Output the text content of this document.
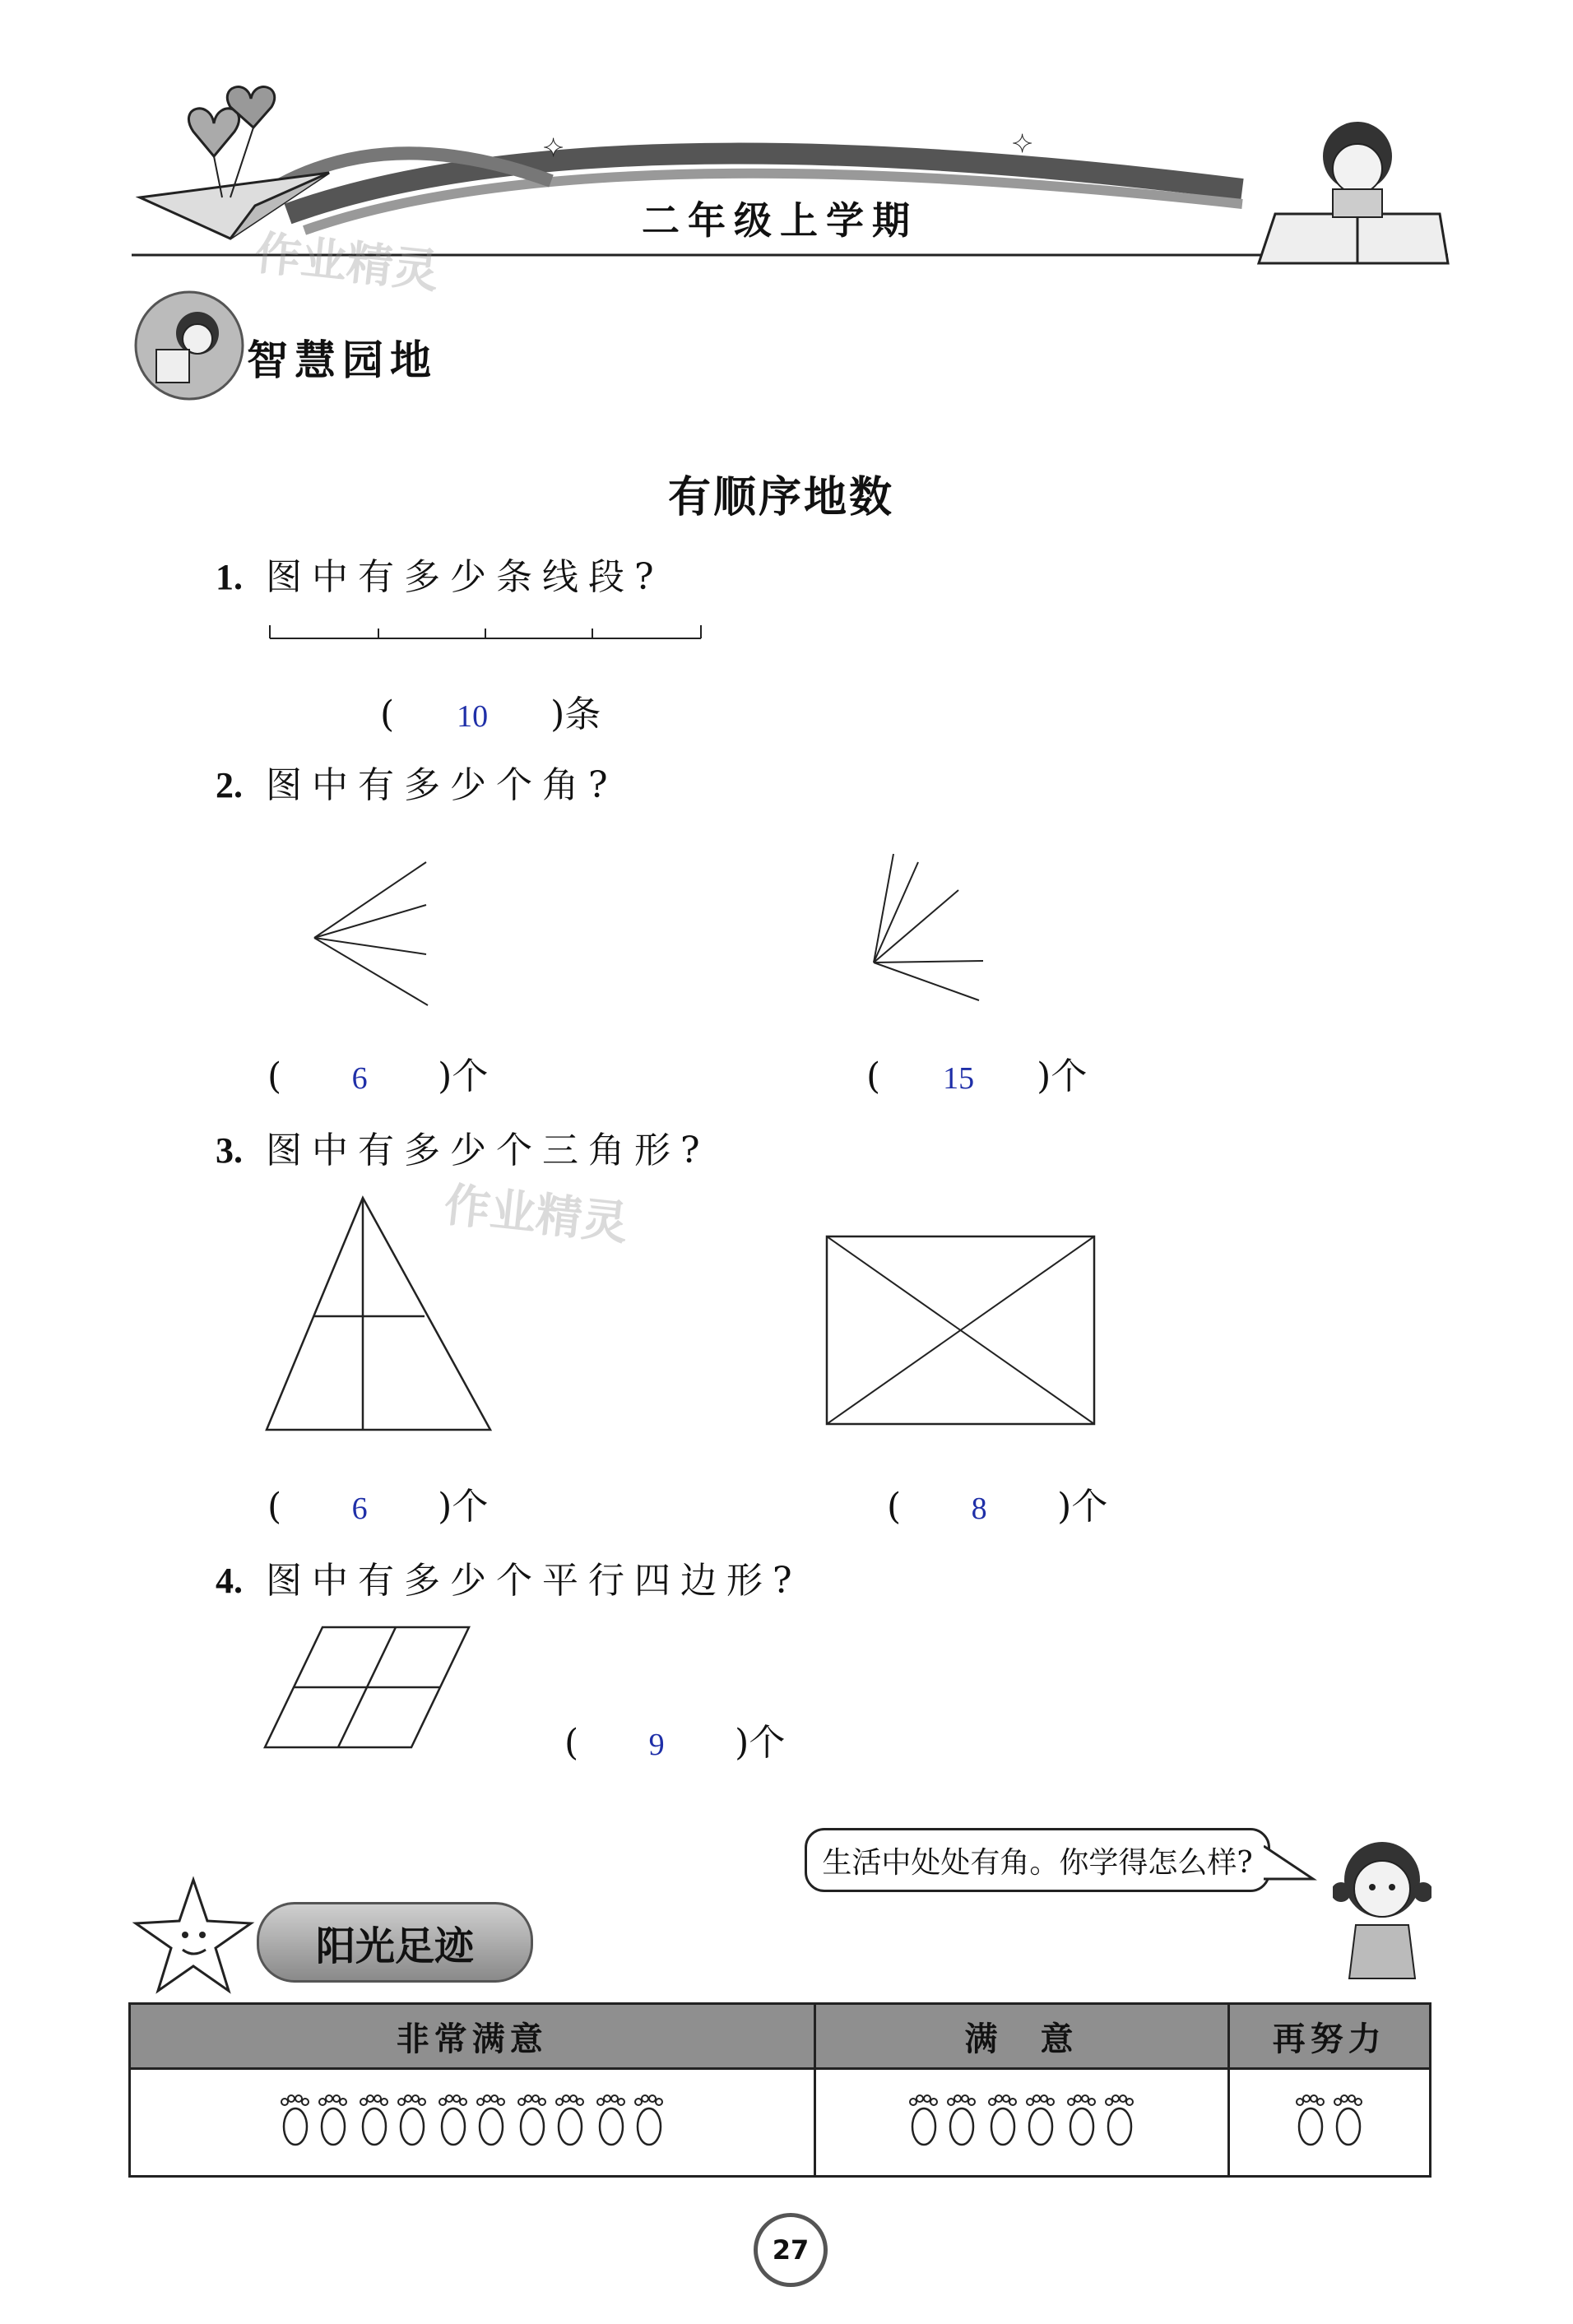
✦	✦
二年级上学期
作业精灵
智慧园地
有顺序地数
1. 图中有多少条线段?
( 10 )条
2. 图中有多少个角?
( 6 )个	( 15 )个
3. 图中有多少个三角形?
作业精灵
( 6 )个	( 8 )个
4. 图中有多少个平行四边形?
( 9 )个
生活中处处有角。你学得怎么样?
阳光足迹
非常满意	满　意	再努力

27
